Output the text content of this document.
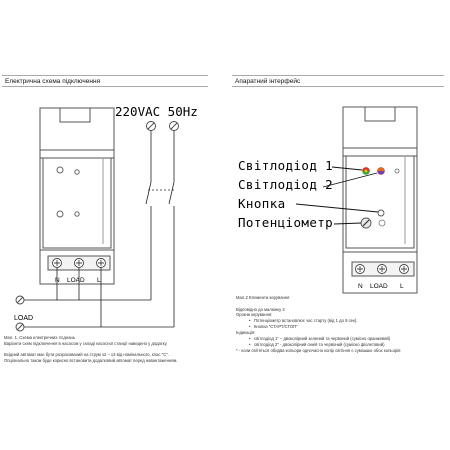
Електрична схема підключення	Апаратний інтерфейс
N LOAD L
220VAC 50Hz
LOAD
N LOAD L
Світлодіод 1
Світлодіод 2
Кнопка
Потенціометр
Мал. 1. Схема електричних з'єднань
Варіанти схем підключення в насосом у складі насосної станції наведено у додатку.
Вхідний автомат має бути розрахований на струм х2 – х3 від номінального, клас "С".
Опціонально також буде корисно встановити додатковий автомат перед навантаженням.
Мал.2 Елементи керування
Відповідно до малюнку 2
Органи керування:
•   Потенціометр встановлює час старту (від 1 до 9 сек).
•   Кнопка "СТАРТ/СТОП"
Індикація:
•   світлодіод 1" – двоколірний зелений та червоний (сумісно оранжевий)
•   світлодіод 2" - двоколірний синій та червоний (сумісно фіолетовий)
* - коли світяться обидва кольори одночасно колір світіння є сумішшю обох кольорів
